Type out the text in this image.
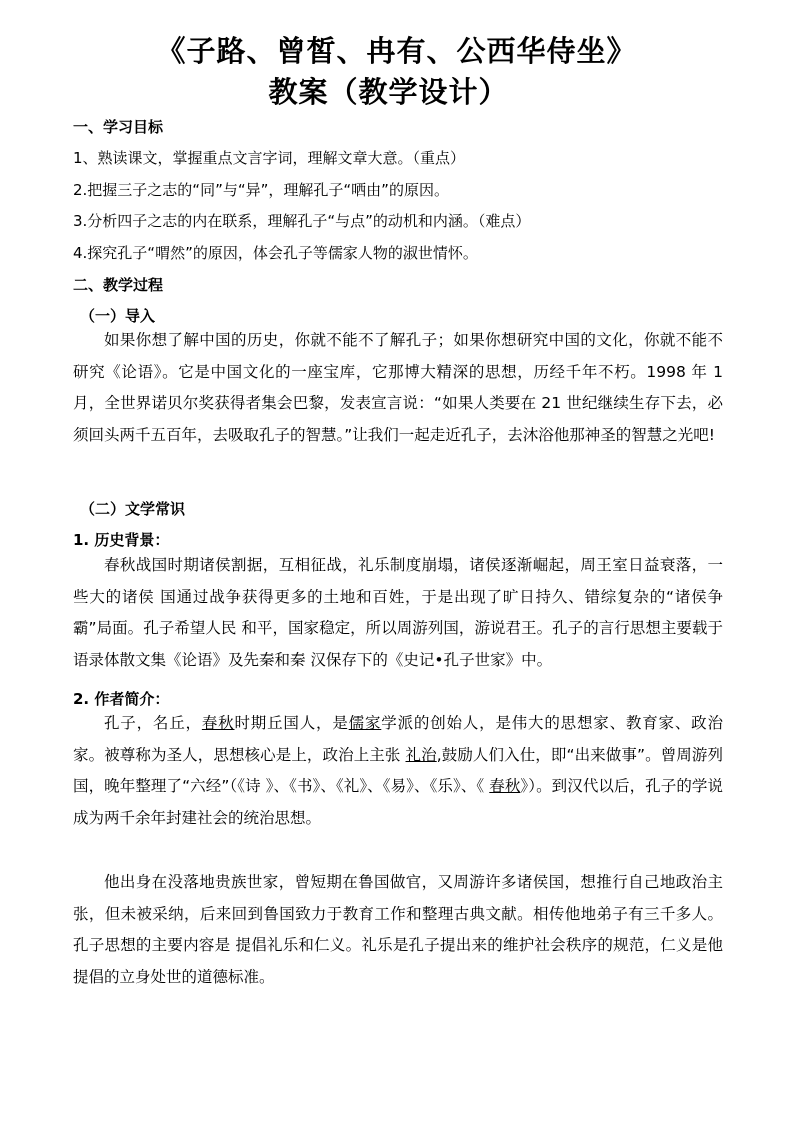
《子路、曾皙、冉有、公西华侍坐》
教案（教学设计）
一、学习目标
1、熟读课文，掌握重点文言字词，理解文章大意。（重点）
2.把握三子之志的“同”与“异”，理解孔子“哂由”的原因。
3.分析四子之志的内在联系，理解孔子“与点”的动机和内涵。（难点）
4.探究孔子“喟然”的原因，体会孔子等儒家人物的淑世情怀。
二、教学过程
（一）导入

如果你想了解中国的历史，你就不能不了解孔子；如果你想研究中国的文化，你就不能不研究《论语》。它是中国文化的一座宝库，它那博大精深的思想，历经千年不朽。1998 年 1 月，全世界诺贝尔奖获得者集会巴黎，发表宣言说：“如果人类要在 21 世纪继续生存下去，必须回头两千五百年，去吸取孔子的智慧。”让我们一起走近孔子，去沐浴他那神圣的智慧之光吧!

（二）文学常识
1. 历史背景：

春秋战国时期诸侯割据，互相征战，礼乐制度崩塌，诸侯逐渐崛起，周王室日益衰落，一些大的诸侯 国通过战争获得更多的土地和百姓，于是出现了旷日持久、错综复杂的“诸侯争霸”局面。孔子希望人民 和平，国家稳定，所以周游列国，游说君王。孔子的言行思想主要载于语录体散文集《论语》及先秦和秦 汉保存下的《史记•孔子世家》中。

2. 作者简介：

孔子，名丘，春秋时期丘国人，是儒家学派的创始人，是伟大的思想家、教育家、政治家。被尊称为圣人，思想核心是上，政治上主张 礼治,鼓励人们入仕，即“出来做事”。曾周游列国，晚年整理了“六经”（《诗 》、《书》、《礼》、《易》、《乐》、《 春秋》）。到汉代以后，孔子的学说成为两千余年封建社会的统治思想。

他出身在没落地贵族世家，曾短期在鲁国做官，又周游许多诸侯国，想推行自己地政治主张，但未被采纳，后来回到鲁国致力于教育工作和整理古典文献。相传他地弟子有三千多人。孔子思想的主要内容是 提倡礼乐和仁义。礼乐是孔子提出来的维护社会秩序的规范，仁义是他提倡的立身处世的道德标准。
